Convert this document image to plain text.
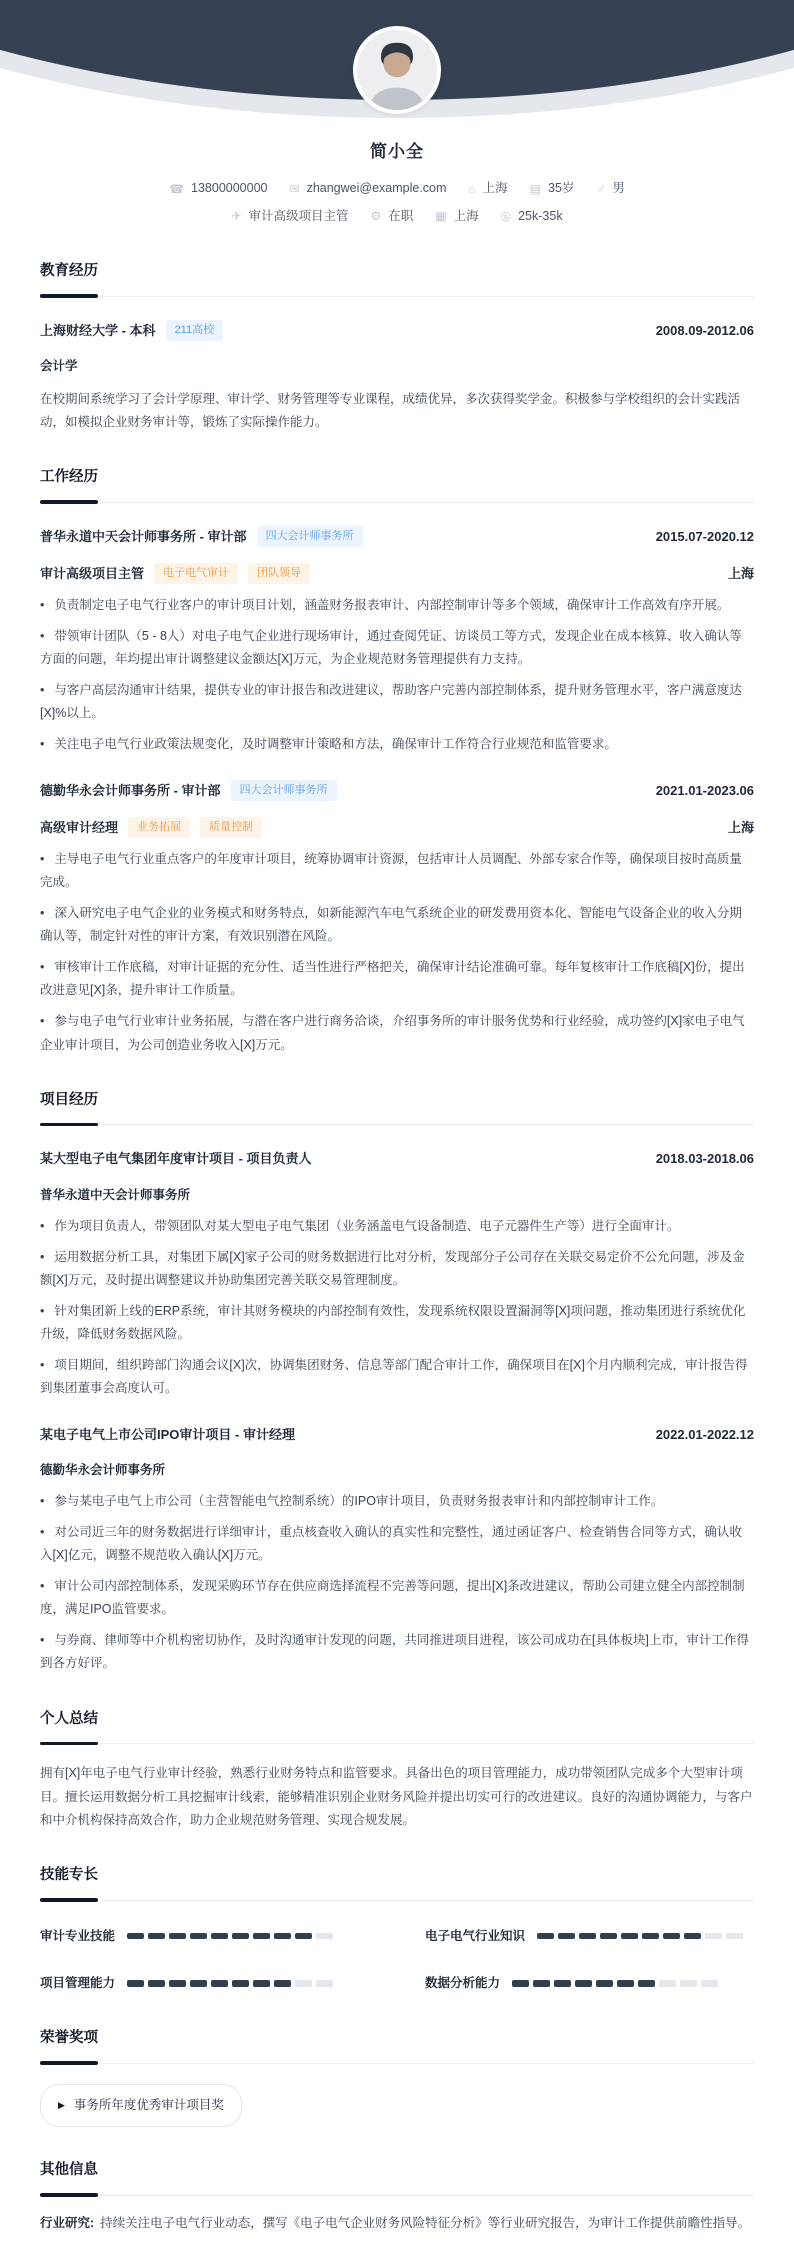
简小全
☎ 13800000000 ✉ zhangwei@example.com ⌂ 上海 ▤ 35岁 ♂ 男
✈ 审计高级项目主管 ⚙ 在职 ▦ 上海 ◎ 25k-35k
教育经历
上海财经大学 - 本科	211高校	2008.09-2012.06
会计学
在校期间系统学习了会计学原理、审计学、财务管理等专业课程，成绩优异，多次获得奖学金。积极参与学校组织的会计实践活动，如模拟企业财务审计等，锻炼了实际操作能力。
工作经历
普华永道中天会计师事务所 - 审计部	四大会计师事务所	2015.07-2020.12
审计高级项目主管	电子电气审计	团队领导	上海
• 负责制定电子电气行业客户的审计项目计划，涵盖财务报表审计、内部控制审计等多个领域，确保审计工作高效有序开展。
• 带领审计团队（5 - 8人）对电子电气企业进行现场审计，通过查阅凭证、访谈员工等方式，发现企业在成本核算、收入确认等方面的问题，年均提出审计调整建议金额达[X]万元，为企业规范财务管理提供有力支持。
• 与客户高层沟通审计结果，提供专业的审计报告和改进建议，帮助客户完善内部控制体系，提升财务管理水平，客户满意度达[X]%以上。
• 关注电子电气行业政策法规变化，及时调整审计策略和方法，确保审计工作符合行业规范和监管要求。
德勤华永会计师事务所 - 审计部	四大会计师事务所	2021.01-2023.06
高级审计经理	业务拓展	质量控制	上海
• 主导电子电气行业重点客户的年度审计项目，统筹协调审计资源，包括审计人员调配、外部专家合作等，确保项目按时高质量完成。
• 深入研究电子电气企业的业务模式和财务特点，如新能源汽车电气系统企业的研发费用资本化、智能电气设备企业的收入分期确认等，制定针对性的审计方案，有效识别潜在风险。
• 审核审计工作底稿，对审计证据的充分性、适当性进行严格把关，确保审计结论准确可靠。每年复核审计工作底稿[X]份，提出改进意见[X]条，提升审计工作质量。
• 参与电子电气行业审计业务拓展，与潜在客户进行商务洽谈，介绍事务所的审计服务优势和行业经验，成功签约[X]家电子电气企业审计项目，为公司创造业务收入[X]万元。
项目经历
某大型电子电气集团年度审计项目 - 项目负责人	2018.03-2018.06
普华永道中天会计师事务所
• 作为项目负责人，带领团队对某大型电子电气集团（业务涵盖电气设备制造、电子元器件生产等）进行全面审计。
• 运用数据分析工具，对集团下属[X]家子公司的财务数据进行比对分析，发现部分子公司存在关联交易定价不公允问题，涉及金额[X]万元，及时提出调整建议并协助集团完善关联交易管理制度。
• 针对集团新上线的ERP系统，审计其财务模块的内部控制有效性，发现系统权限设置漏洞等[X]项问题，推动集团进行系统优化升级，降低财务数据风险。
• 项目期间，组织跨部门沟通会议[X]次，协调集团财务、信息等部门配合审计工作，确保项目在[X]个月内顺利完成，审计报告得到集团董事会高度认可。
某电子电气上市公司IPO审计项目 - 审计经理	2022.01-2022.12
德勤华永会计师事务所
• 参与某电子电气上市公司（主营智能电气控制系统）的IPO审计项目，负责财务报表审计和内部控制审计工作。
• 对公司近三年的财务数据进行详细审计，重点核查收入确认的真实性和完整性，通过函证客户、检查销售合同等方式，确认收入[X]亿元，调整不规范收入确认[X]万元。
• 审计公司内部控制体系，发现采购环节存在供应商选择流程不完善等问题，提出[X]条改进建议，帮助公司建立健全内部控制制度，满足IPO监管要求。
• 与券商、律师等中介机构密切协作，及时沟通审计发现的问题，共同推进项目进程，该公司成功在[具体板块]上市，审计工作得到各方好评。
个人总结
拥有[X]年电子电气行业审计经验，熟悉行业财务特点和监管要求。具备出色的项目管理能力，成功带领团队完成多个大型审计项目。擅长运用数据分析工具挖掘审计线索，能够精准识别企业财务风险并提出切实可行的改进建议。良好的沟通协调能力，与客户和中介机构保持高效合作，助力企业规范财务管理、实现合规发展。
技能专长
审计专业技能	电子电气行业知识
项目管理能力	数据分析能力
荣誉奖项
▶ 事务所年度优秀审计项目奖
其他信息
行业研究: 持续关注电子电气行业动态，撰写《电子电气企业财务风险特征分析》等行业研究报告，为审计工作提供前瞻性指导。
